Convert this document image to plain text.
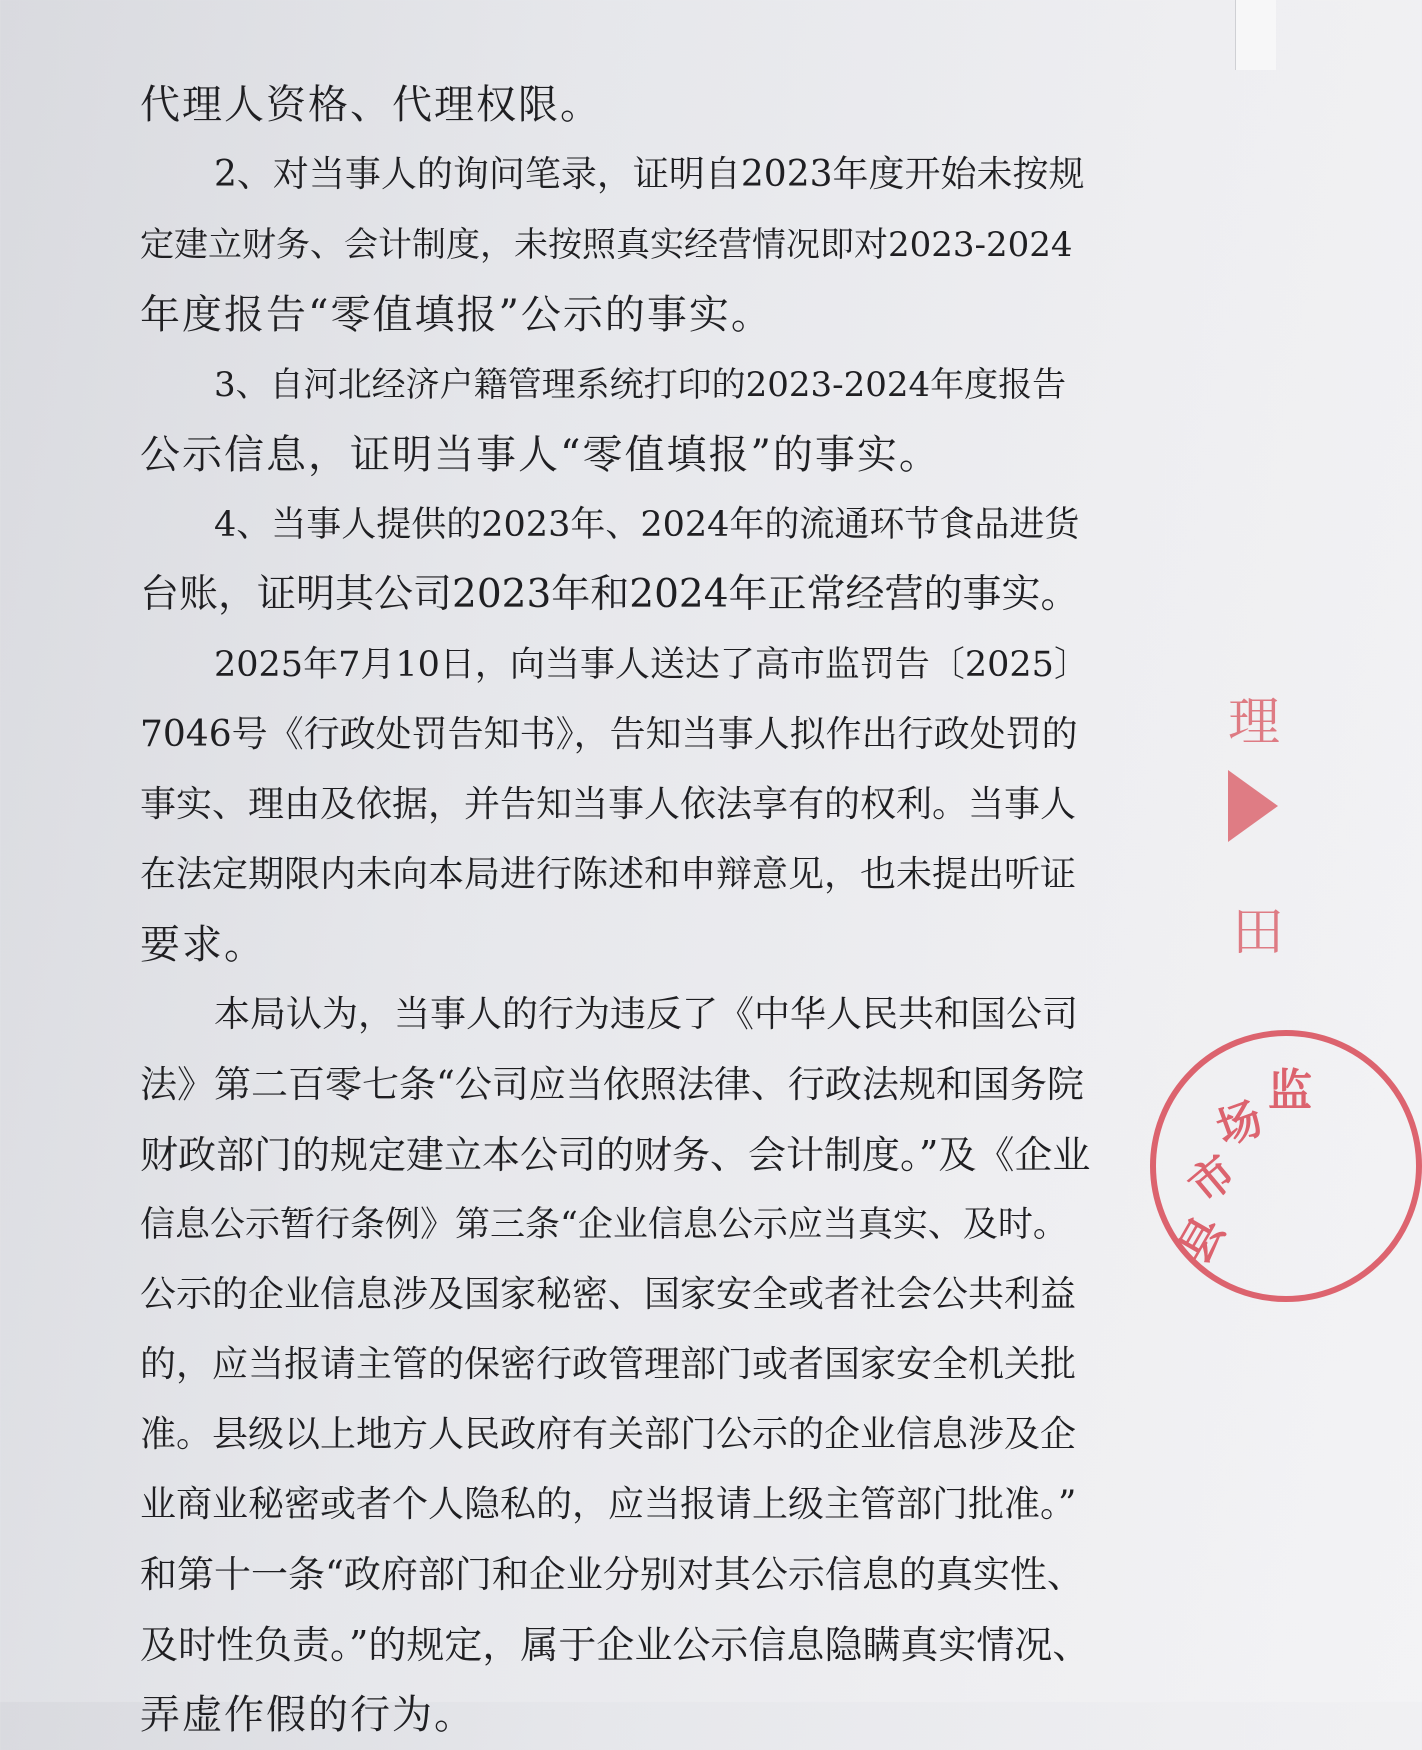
代理人资格、代理权限。
2、对当事人的询问笔录，证明自2023年度开始未按规
定建立财务、会计制度，未按照真实经营情况即对2023-2024
年度报告“零值填报”公示的事实。
3、自河北经济户籍管理系统打印的2023-2024年度报告
公示信息，证明当事人“零值填报”的事实。
4、当事人提供的2023年、2024年的流通环节食品进货
台账，证明其公司2023年和2024年正常经营的事实。
2025年7月10日，向当事人送达了高市监罚告〔2025〕
7046号《行政处罚告知书》，告知当事人拟作出行政处罚的
事实、理由及依据，并告知当事人依法享有的权利。当事人
在法定期限内未向本局进行陈述和申辩意见，也未提出听证
要求。
本局认为，当事人的行为违反了《中华人民共和国公司
法》第二百零七条“公司应当依照法律、行政法规和国务院
财政部门的规定建立本公司的财务、会计制度。”及《企业
信息公示暂行条例》第三条“企业信息公示应当真实、及时。
公示的企业信息涉及国家秘密、国家安全或者社会公共利益
的，应当报请主管的保密行政管理部门或者国家安全机关批
准。县级以上地方人民政府有关部门公示的企业信息涉及企
业商业秘密或者个人隐私的，应当报请上级主管部门批准。”
和第十一条“政府部门和企业分别对其公示信息的真实性、
及时性负责。”的规定，属于企业公示信息隐瞒真实情况、
弄虚作假的行为。
理
田
县
市
场
监
